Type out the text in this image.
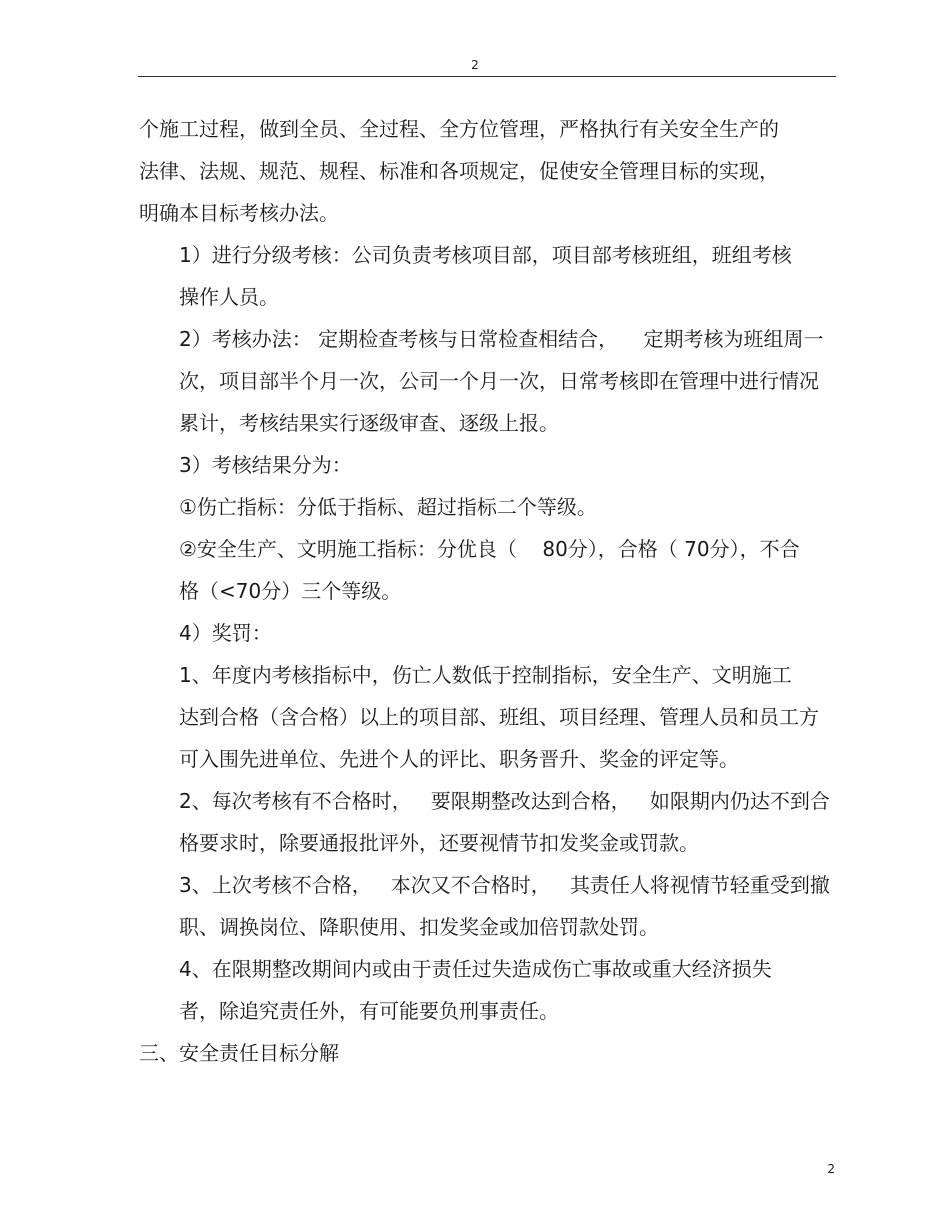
2

个施工过程，做到全员、全过程、全方位管理，严格执行有关安全生产的
法律、法规、规范、规程、标准和各项规定，促使安全管理目标的实现，
明确本目标考核办法。

1）进行分级考核：公司负责考核项目部，项目部考核班组，班组考核
操作人员。

2）考核办法： 定期检查考核与日常检查相结合，    定期考核为班组周一
次，项目部半个月一次，公司一个月一次，日常考核即在管理中进行情况
累计，考核结果实行逐级审查、逐级上报。

3）考核结果分为：

①伤亡指标：分低于指标、超过指标二个等级。

②安全生产、文明施工指标：分优良（    80分），合格（ 70分），不合
格（<70分）三个等级。

4）奖罚：

1、年度内考核指标中，伤亡人数低于控制指标，安全生产、文明施工
达到合格（含合格）以上的项目部、班组、项目经理、管理人员和员工方
可入围先进单位、先进个人的评比、职务晋升、奖金的评定等。

2、每次考核有不合格时，   要限期整改达到合格，   如限期内仍达不到合
格要求时，除要通报批评外，还要视情节扣发奖金或罚款。

3、上次考核不合格，   本次又不合格时，   其责任人将视情节轻重受到撤
职、调换岗位、降职使用、扣发奖金或加倍罚款处罚。

4、在限期整改期间内或由于责任过失造成伤亡事故或重大经济损失
者，除追究责任外，有可能要负刑事责任。

三、安全责任目标分解

2
